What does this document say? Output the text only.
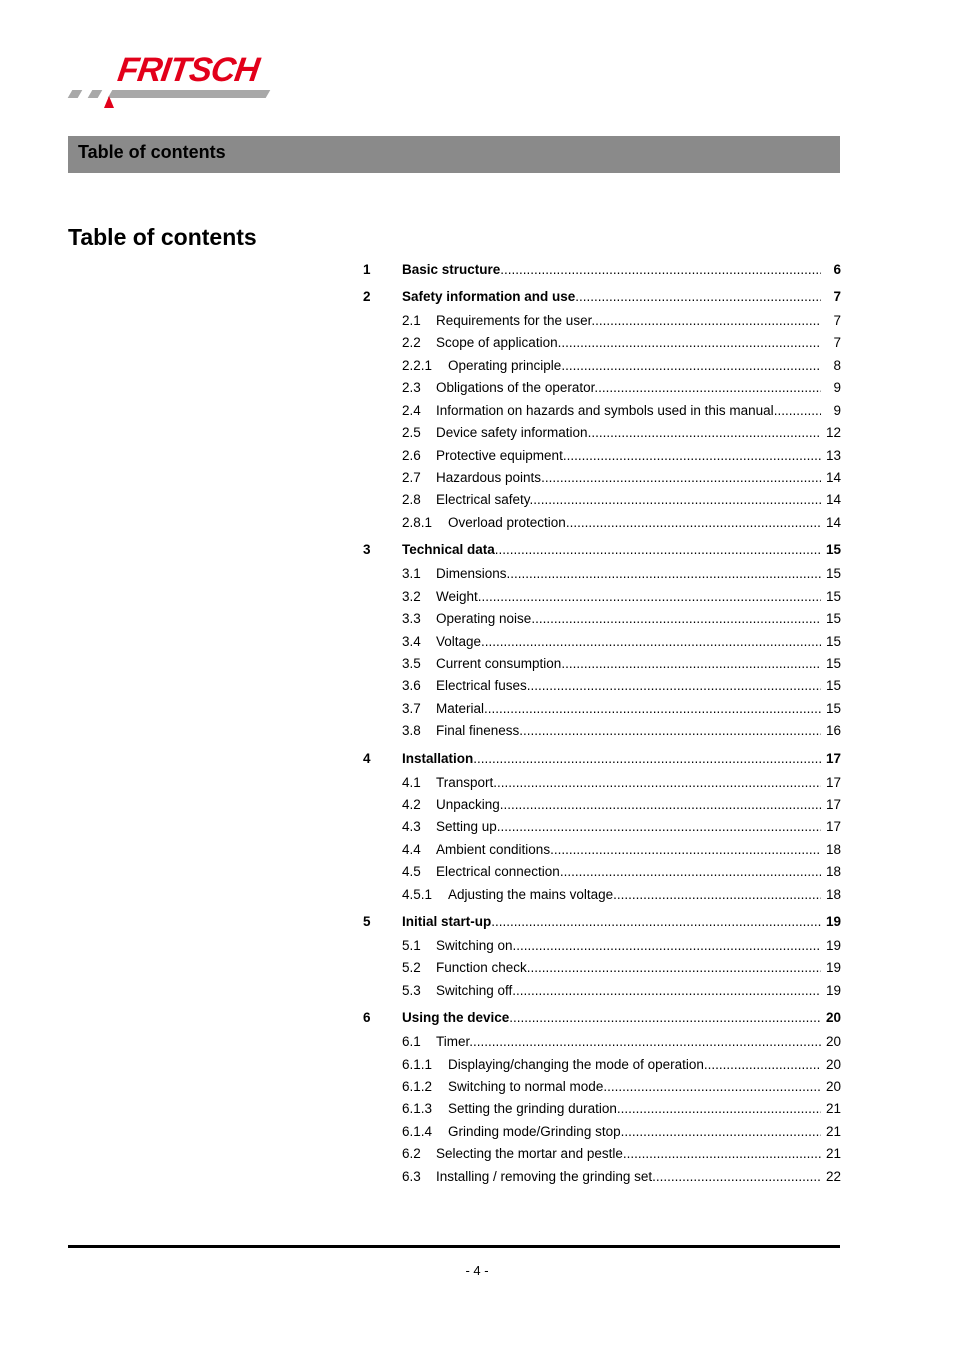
FRITSCH
Table of contents
Table of contents
1 Basic structure .....	6
2 Safety information and use .....	7
2.1 Requirements for the user .....	7
2.2 Scope of application .....	7
2.2.1 Operating principle .....	8
2.3 Obligations of the operator .....	9
2.4 Information on hazards and symbols used in this manual .....	9
2.5 Device safety information .....	12
2.6 Protective equipment .....	13
2.7 Hazardous points .....	14
2.8 Electrical safety .....	14
2.8.1 Overload protection .....	14
3 Technical data .....	15
3.1 Dimensions .....	15
3.2 Weight .....	15
3.3 Operating noise .....	15
3.4 Voltage .....	15
3.5 Current consumption .....	15
3.6 Electrical fuses .....	15
3.7 Material .....	15
3.8 Final fineness .....	16
4 Installation .....	17
4.1 Transport .....	17
4.2 Unpacking .....	17
4.3 Setting up .....	17
4.4 Ambient conditions .....	18
4.5 Electrical connection .....	18
4.5.1 Adjusting the mains voltage .....	18
5 Initial start-up .....	19
5.1 Switching on .....	19
5.2 Function check .....	19
5.3 Switching off .....	19
6 Using the device .....	20
6.1 Timer .....	20
6.1.1 Displaying/changing the mode of operation .....	20
6.1.2 Switching to normal mode .....	20
6.1.3 Setting the grinding duration .....	21
6.1.4 Grinding mode/Grinding stop .....	21
6.2 Selecting the mortar and pestle .....	21
6.3 Installing / removing the grinding set .....	22
- 4 -
